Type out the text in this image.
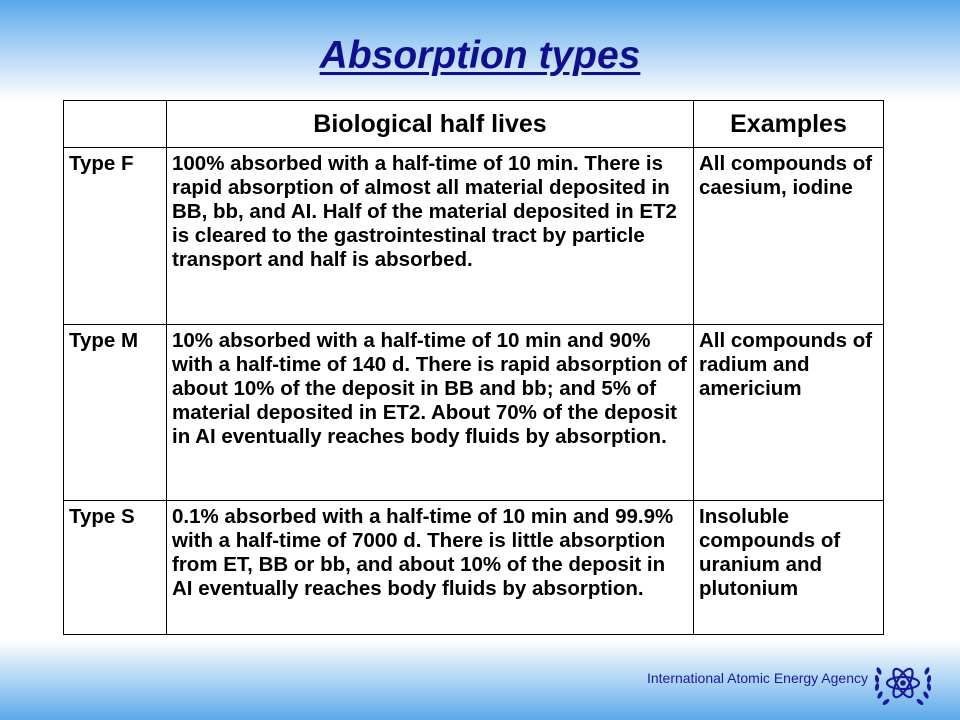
Absorption types
	Biological half lives	Examples
Type F	100% absorbed with a half-time of 10 min. There is rapid absorption of almost all material deposited in BB, bb, and AI. Half of the material deposited in ET2 is cleared to the gastrointestinal tract by particle transport and half is absorbed.	All compounds of caesium, iodine
Type M	10% absorbed with a half-time of 10 min and 90% with a half-time of 140 d. There is rapid absorption of about 10% of the deposit in BB and bb; and 5% of material deposited in ET2. About 70% of the deposit in AI eventually reaches body fluids by absorption.	All compounds of radium and americium
Type S	0.1% absorbed with a half-time of 10 min and 99.9% with a half-time of 7000 d. There is little absorption from ET, BB or bb, and about 10% of the deposit in AI eventually reaches body fluids by absorption.	Insoluble compounds of uranium and plutonium
International Atomic Energy Agency
